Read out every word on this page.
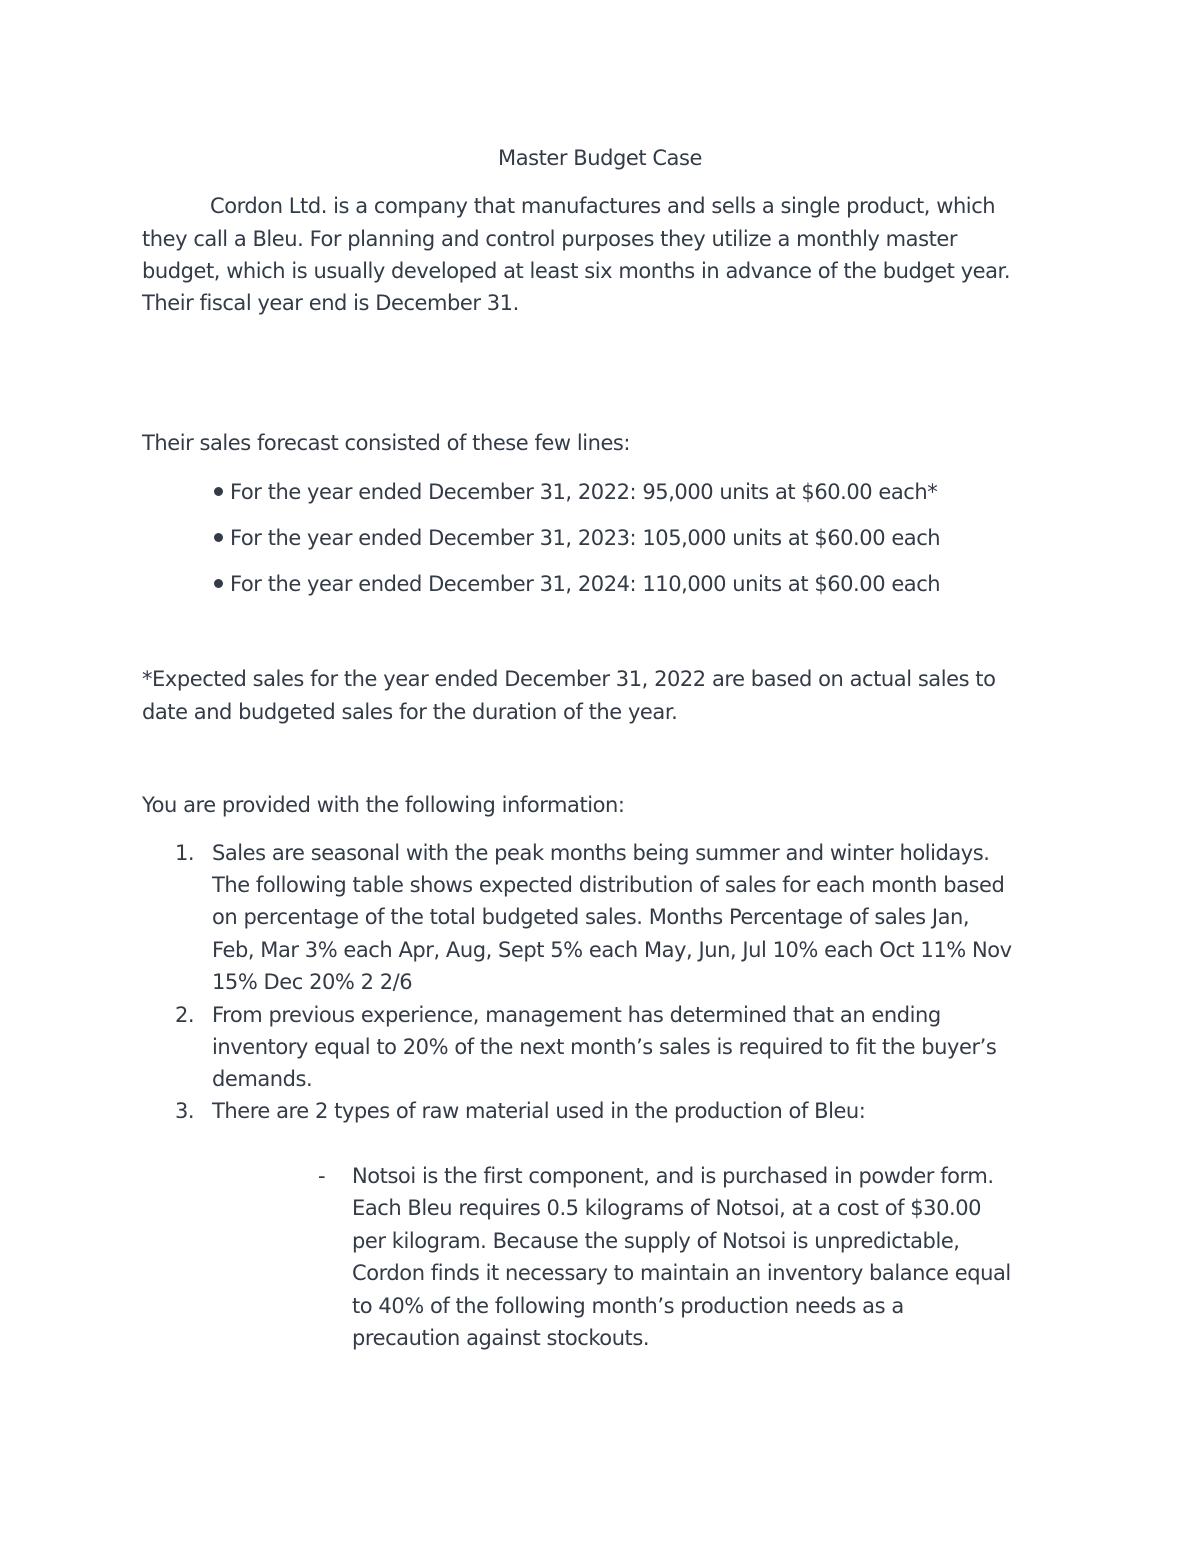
Master Budget Case
Cordon Ltd. is a company that manufactures and sells a single product, which
they call a Bleu. For planning and control purposes they utilize a monthly master
budget, which is usually developed at least six months in advance of the budget year.
Their fiscal year end is December 31.
Their sales forecast consisted of these few lines:
For the year ended December 31, 2022: 95,000 units at $60.00 each*
For the year ended December 31, 2023: 105,000 units at $60.00 each
For the year ended December 31, 2024: 110,000 units at $60.00 each
*Expected sales for the year ended December 31, 2022 are based on actual sales to
date and budgeted sales for the duration of the year.
You are provided with the following information:
1. Sales are seasonal with the peak months being summer and winter holidays.
The following table shows expected distribution of sales for each month based
on percentage of the total budgeted sales. Months Percentage of sales Jan,
Feb, Mar 3% each Apr, Aug, Sept 5% each May, Jun, Jul 10% each Oct 11% Nov
15% Dec 20% 2 2/6
2. From previous experience, management has determined that an ending
inventory equal to 20% of the next month’s sales is required to fit the buyer’s
demands.
3. There are 2 types of raw material used in the production of Bleu:
- Notsoi is the first component, and is purchased in powder form.
Each Bleu requires 0.5 kilograms of Notsoi, at a cost of $30.00
per kilogram. Because the supply of Notsoi is unpredictable,
Cordon finds it necessary to maintain an inventory balance equal
to 40% of the following month’s production needs as a
precaution against stockouts.
